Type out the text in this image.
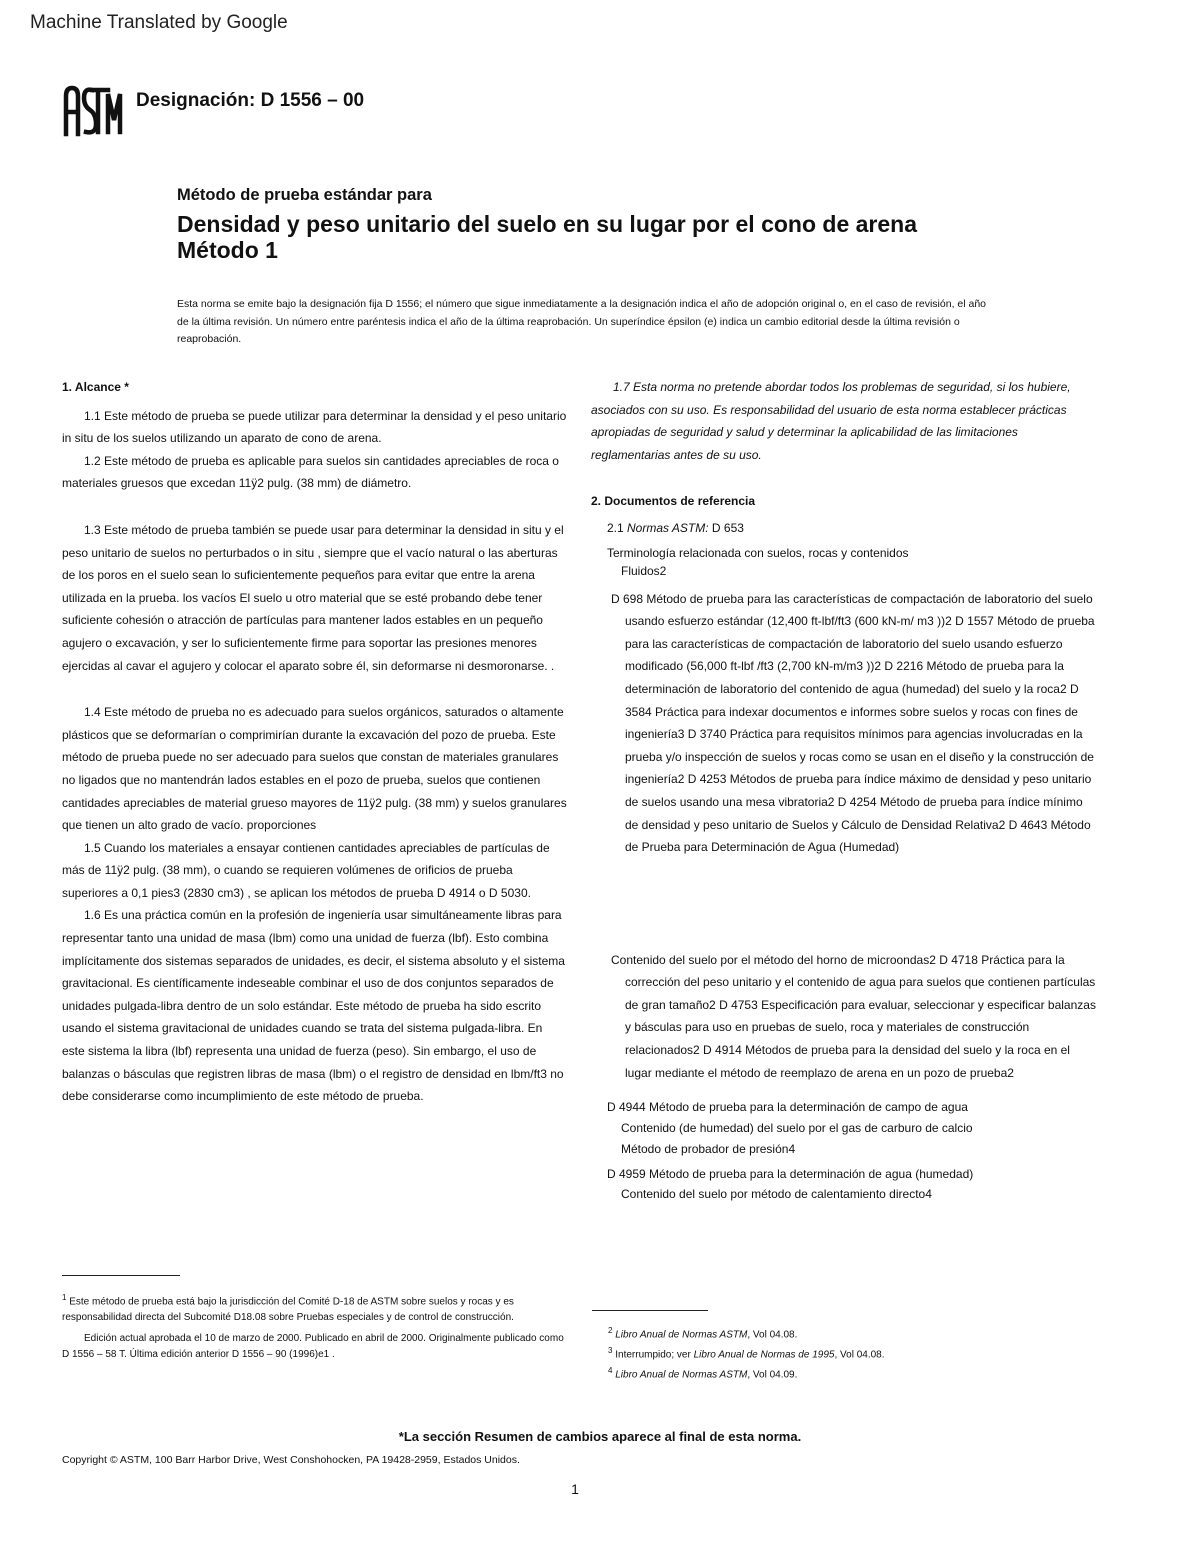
Machine Translated by Google
Designación: D 1556 – 00
Método de prueba estándar para
Densidad y peso unitario del suelo en su lugar por el cono de arena
Método 1
Esta norma se emite bajo la designación fija D 1556; el número que sigue inmediatamente a la designación indica el año de adopción original o, en el caso de revisión, el año de la última revisión. Un número entre paréntesis indica el año de la última reaprobación. Un superíndice épsilon (e) indica un cambio editorial desde la última revisión o reaprobación.

1. Alcance *

1.1 Este método de prueba se puede utilizar para determinar la densidad y el peso unitario in situ de los suelos utilizando un aparato de cono de arena.

1.2 Este método de prueba es aplicable para suelos sin cantidades apreciables de roca o materiales gruesos que excedan 11ÿ2 pulg. (38 mm) de diámetro.

1.3 Este método de prueba también se puede usar para determinar la densidad in situ y el peso unitario de suelos no perturbados o in situ , siempre que el vacío natural o las aberturas de los poros en el suelo sean lo suficientemente pequeños para evitar que entre la arena utilizada en la prueba. los vacíos El suelo u otro material que se esté probando debe tener suficiente cohesión o atracción de partículas para mantener lados estables en un pequeño agujero o excavación, y ser lo suficientemente firme para soportar las presiones menores ejercidas al cavar el agujero y colocar el aparato sobre él, sin deformarse ni desmoronarse. .

1.4 Este método de prueba no es adecuado para suelos orgánicos, saturados o altamente plásticos que se deformarían o comprimirían durante la excavación del pozo de prueba. Este método de prueba puede no ser adecuado para suelos que constan de materiales granulares no ligados que no mantendrán lados estables en el pozo de prueba, suelos que contienen cantidades apreciables de material grueso mayores de 11ÿ2 pulg. (38 mm) y suelos granulares que tienen un alto grado de vacío. proporciones

1.5 Cuando los materiales a ensayar contienen cantidades apreciables de partículas de más de 11ÿ2 pulg. (38 mm), o cuando se requieren volúmenes de orificios de prueba superiores a 0,1 pies3 (2830 cm3) , se aplican los métodos de prueba D 4914 o D 5030.

1.6 Es una práctica común en la profesión de ingeniería usar simultáneamente libras para representar tanto una unidad de masa (lbm) como una unidad de fuerza (lbf). Esto combina implícitamente dos sistemas separados de unidades, es decir, el sistema absoluto y el sistema gravitacional. Es científicamente indeseable combinar el uso de dos conjuntos separados de unidades pulgada-libra dentro de un solo estándar. Este método de prueba ha sido escrito usando el sistema gravitacional de unidades cuando se trata del sistema pulgada-libra. En este sistema la libra (lbf) representa una unidad de fuerza (peso). Sin embargo, el uso de balanzas o básculas que registren libras de masa (lbm) o el registro de densidad en lbm/ft3 no debe considerarse como incumplimiento de este método de prueba.

1.7 Esta norma no pretende abordar todos los problemas de seguridad, si los hubiere, asociados con su uso. Es responsabilidad del usuario de esta norma establecer prácticas apropiadas de seguridad y salud y determinar la aplicabilidad de las limitaciones reglamentarias antes de su uso.

2. Documentos de referencia

2.1 Normas ASTM: D 653

Terminología relacionada con suelos, rocas y contenidos
Fluidos2

D 698 Método de prueba para las características de compactación de laboratorio del suelo usando esfuerzo estándar (12,400 ft-lbf/ft3 (600 kN-m/ m3 ))2 D 1557 Método de prueba para las características de compactación de laboratorio del suelo usando esfuerzo modificado (56,000 ft-lbf /ft3 (2,700 kN-m/m3 ))2 D 2216 Método de prueba para la determinación de laboratorio del contenido de agua (humedad) del suelo y la roca2 D 3584 Práctica para indexar documentos e informes sobre suelos y rocas con fines de ingeniería3 D 3740 Práctica para requisitos mínimos para agencias involucradas en la prueba y/o inspección de suelos y rocas como se usan en el diseño y la construcción de ingeniería2 D 4253 Métodos de prueba para índice máximo de densidad y peso unitario de suelos usando una mesa vibratoria2 D 4254 Método de prueba para índice mínimo de densidad y peso unitario de Suelos y Cálculo de Densidad Relativa2 D 4643 Método de Prueba para Determinación de Agua (Humedad)

Contenido del suelo por el método del horno de microondas2 D 4718 Práctica para la corrección del peso unitario y el contenido de agua para suelos que contienen partículas de gran tamaño2 D 4753 Especificación para evaluar, seleccionar y especificar balanzas y básculas para uso en pruebas de suelo, roca y materiales de construcción relacionados2 D 4914 Métodos de prueba para la densidad del suelo y la roca en el lugar mediante el método de reemplazo de arena en un pozo de prueba2

D 4944 Método de prueba para la determinación de campo de agua
Contenido (de humedad) del suelo por el gas de carburo de calcio
Método de probador de presión4

D 4959 Método de prueba para la determinación de agua (humedad)
Contenido del suelo por método de calentamiento directo4

$^1$ Este método de prueba está bajo la jurisdicción del Comité D-18 de ASTM sobre suelos y rocas y es responsabilidad directa del Subcomité D18.08 sobre Pruebas especiales y de control de construcción.

Edición actual aprobada el 10 de marzo de 2000. Publicado en abril de 2000. Originalmente publicado como D 1556 – 58 T. Última edición anterior D 1556 – 90 (1996)e1 .

$^2$ Libro Anual de Normas ASTM, Vol 04.08.

$^3$ Interrumpido; ver Libro Anual de Normas de 1995, Vol 04.08.

$^4$ Libro Anual de Normas ASTM, Vol 04.09.

*La sección Resumen de cambios aparece al final de esta norma.
Copyright © ASTM, 100 Barr Harbor Drive, West Conshohocken, PA 19428-2959, Estados Unidos.
1
